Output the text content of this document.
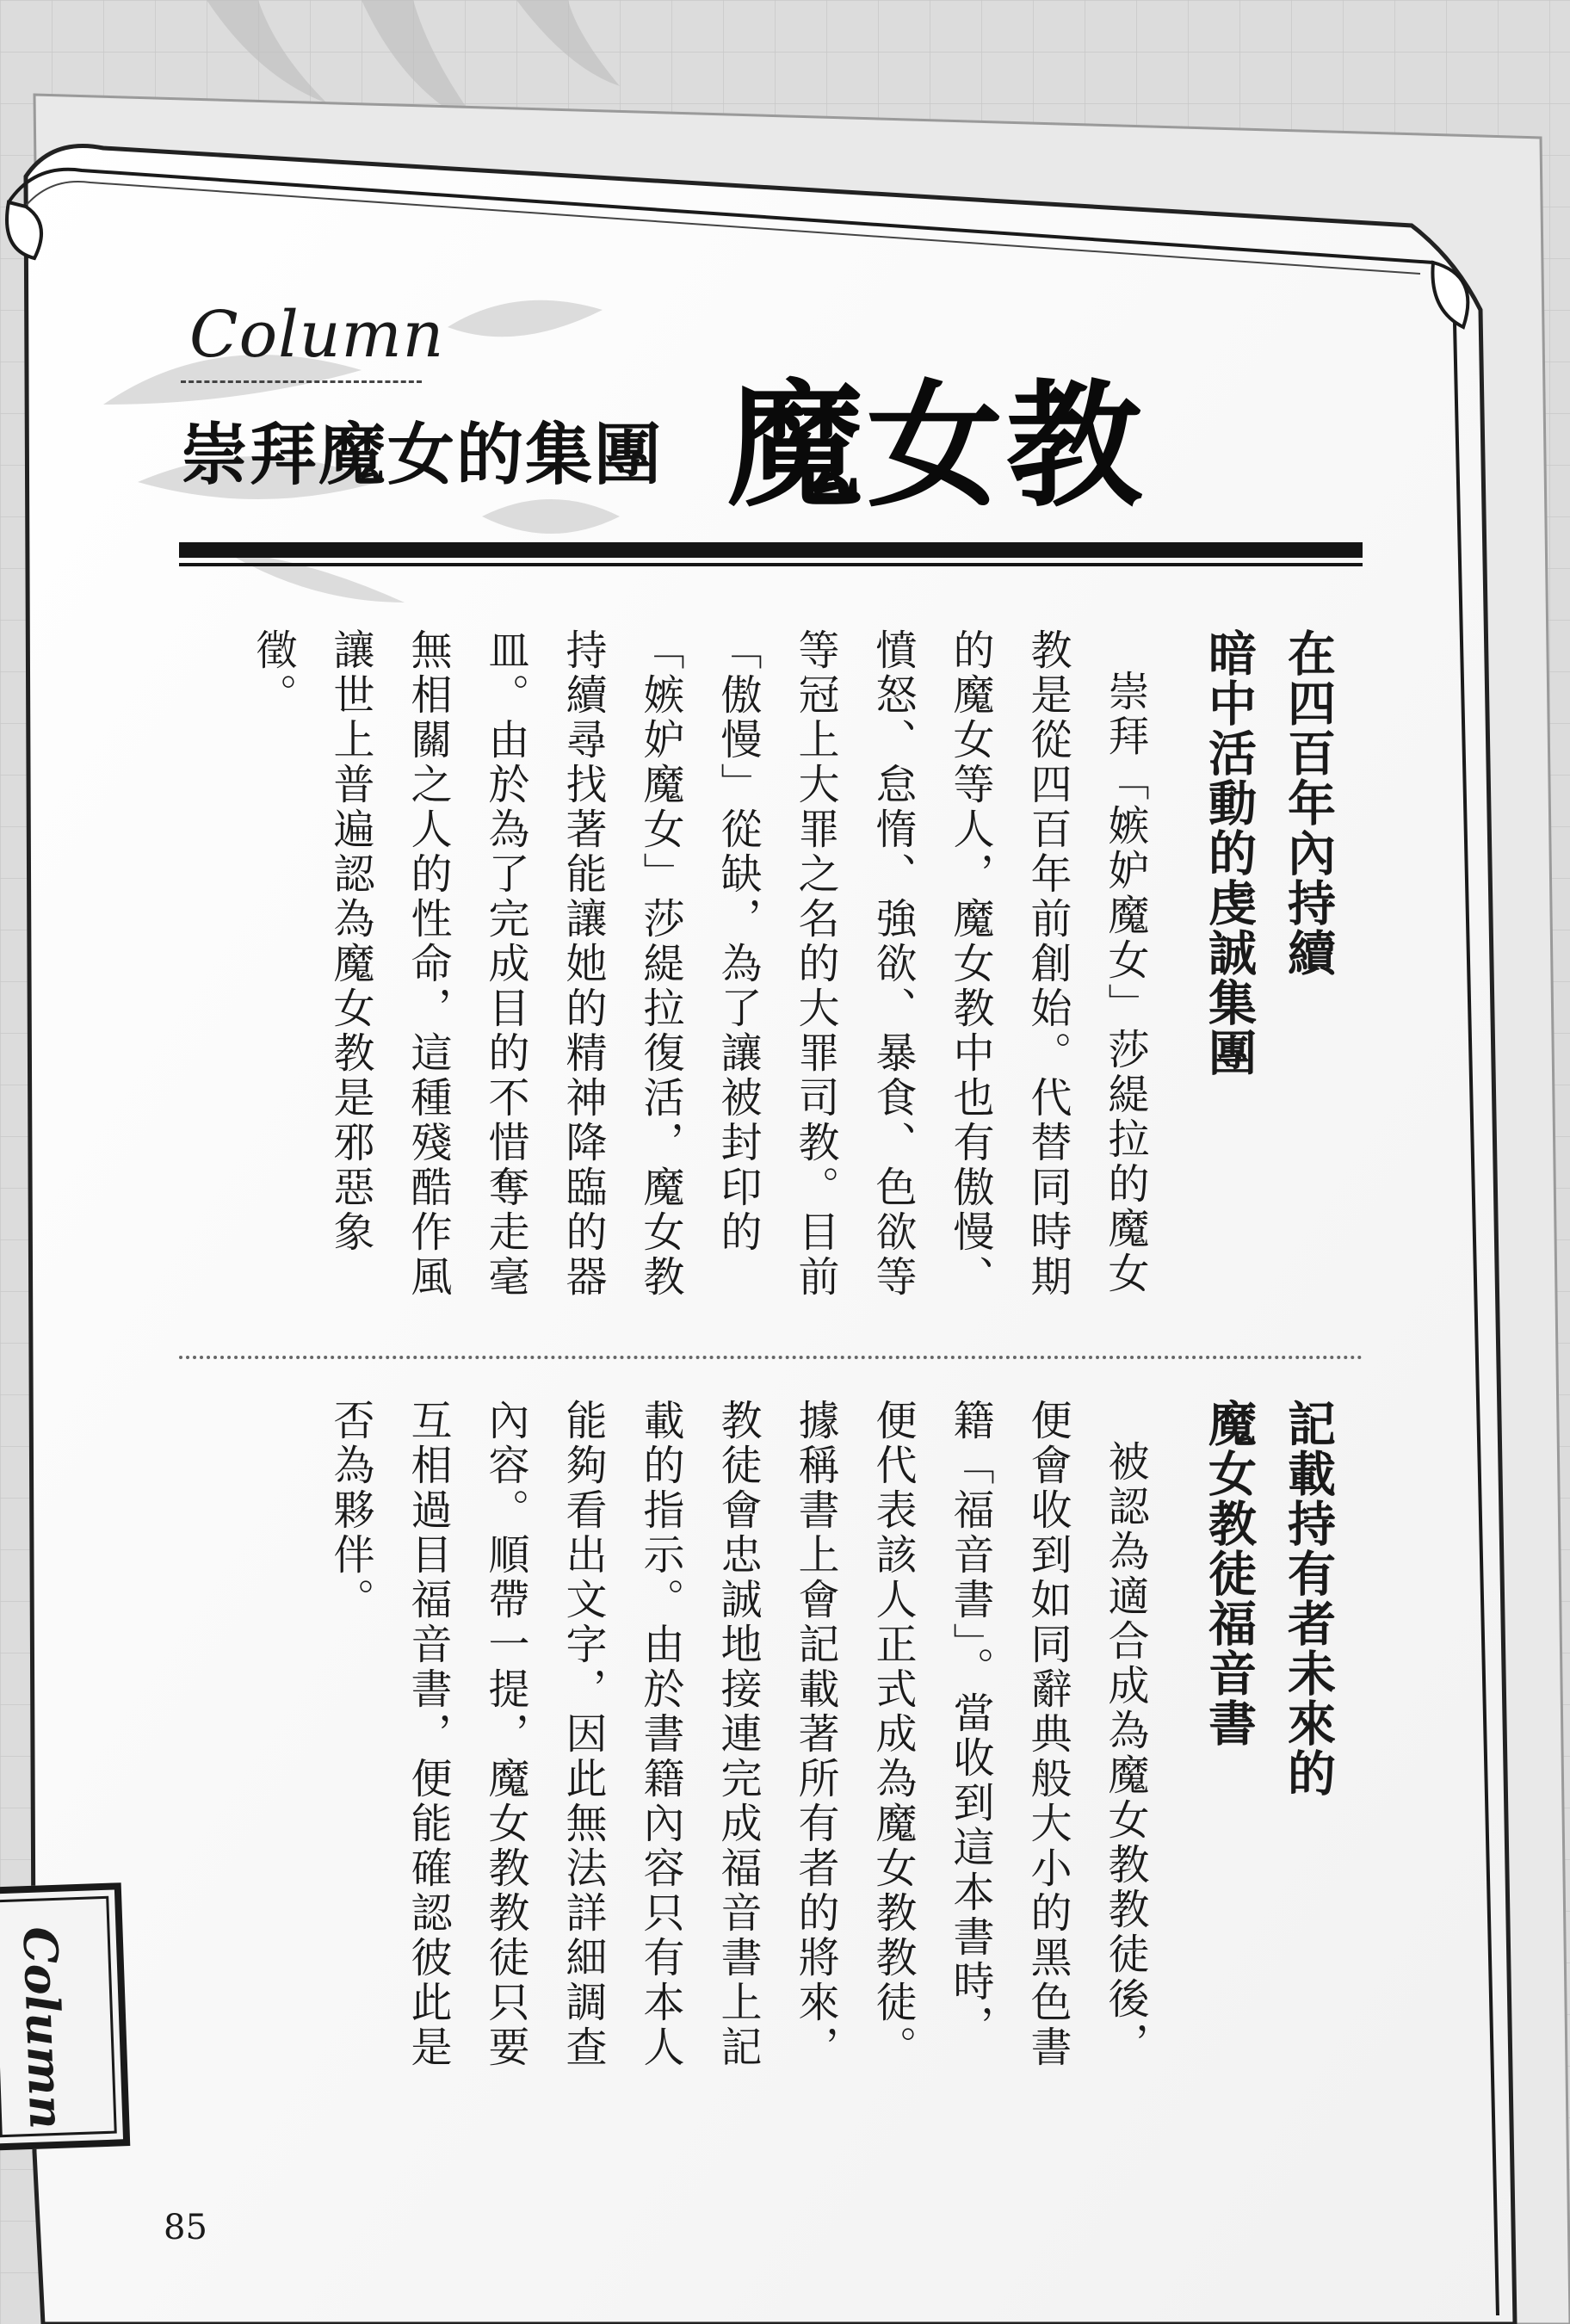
Column
崇拜魔女的集團 魔女教

在四百年內持續
暗中活動的虔誠集團

崇拜「嫉妒魔女」莎緹拉的魔女
教是從四百年前創始。代替同時期
的魔女等人，魔女教中也有傲慢、
憤怒、怠惰、強欲、暴食、色欲等
等冠上大罪之名的大罪司教。目前
「傲慢」從缺，為了讓被封印的
「嫉妒魔女」莎緹拉復活，魔女教
持續尋找著能讓她的精神降臨的器
皿。由於為了完成目的不惜奪走毫
無相關之人的性命，這種殘酷作風
讓世上普遍認為魔女教是邪惡象
徵。

記載持有者未來的
魔女教徒福音書

被認為適合成為魔女教教徒後，
便會收到如同辭典般大小的黑色書
籍「福音書」。當收到這本書時，
便代表該人正式成為魔女教教徒。
據稱書上會記載著所有者的將來，
教徒會忠誠地接連完成福音書上記
載的指示。由於書籍內容只有本人
能夠看出文字，因此無法詳細調查
內容。順帶一提，魔女教教徒只要
互相過目福音書，便能確認彼此是
否為夥伴。

Column
85
